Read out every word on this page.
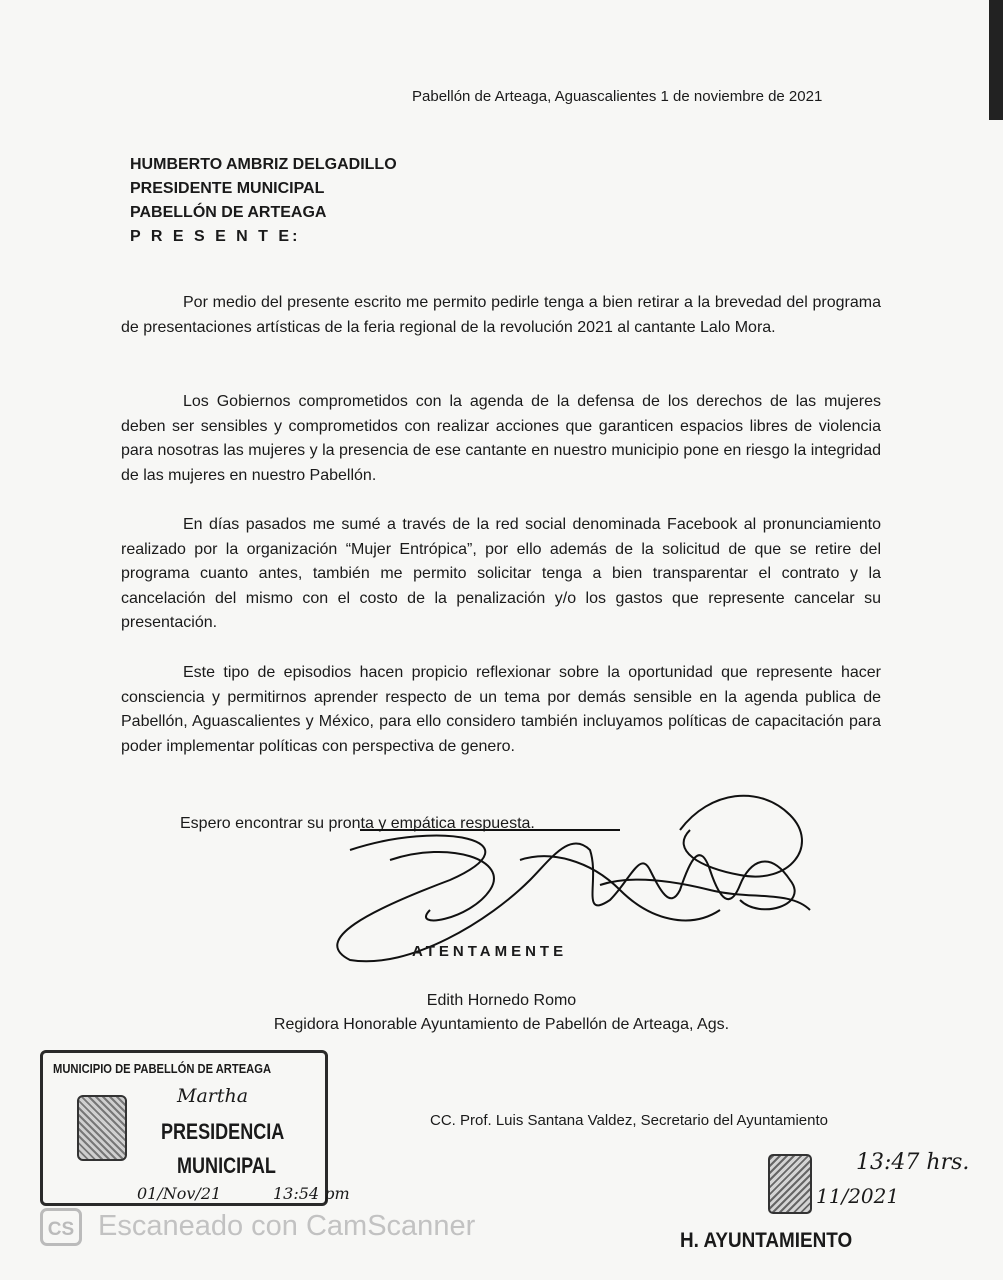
Pabellón de Arteaga, Aguascalientes 1 de noviembre de 2021
HUMBERTO AMBRIZ DELGADILLO
PRESIDENTE MUNICIPAL
PABELLÓN DE ARTEAGA
P R E S E N T E:

Por medio del presente escrito me permito pedirle tenga a bien retirar a la brevedad del programa de presentaciones artísticas de la feria regional de la revolución 2021 al cantante Lalo Mora.

Los Gobiernos comprometidos con la agenda de la defensa de los derechos de las mujeres deben ser sensibles y comprometidos con realizar acciones que garanticen espacios libres de violencia para nosotras las mujeres y la presencia de ese cantante en nuestro municipio pone en riesgo la integridad de las mujeres en nuestro Pabellón.

En días pasados me sumé a través de la red social denominada Facebook al pronunciamiento realizado por la organización “Mujer Entrópica”, por ello además de la solicitud de que se retire del programa cuanto antes, también me permito solicitar tenga a bien transparentar el contrato y la cancelación del mismo con el costo de la penalización y/o los gastos que represente cancelar su presentación.

Este tipo de episodios hacen propicio reflexionar sobre la oportunidad que represente hacer consciencia y permitirnos aprender respecto de un tema por demás sensible en la agenda publica de Pabellón, Aguascalientes y México, para ello considero también incluyamos políticas de capacitación para poder implementar políticas con perspectiva de genero.

Espero encontrar su pronta y empática respuesta.
ATENTAMENTE
Edith Hornedo Romo
Regidora Honorable Ayuntamiento de Pabellón de Arteaga, Ags.
MUNICIPIO DE PABELLÓN DE ARTEAGA
Martha
PRESIDENCIA
MUNICIPAL
01/Nov/21	13:54 pm
CC. Prof. Luis Santana Valdez, Secretario del Ayuntamiento
13:47 hrs.
11/2021
H. AYUNTAMIENTO
CS Escaneado con CamScanner
